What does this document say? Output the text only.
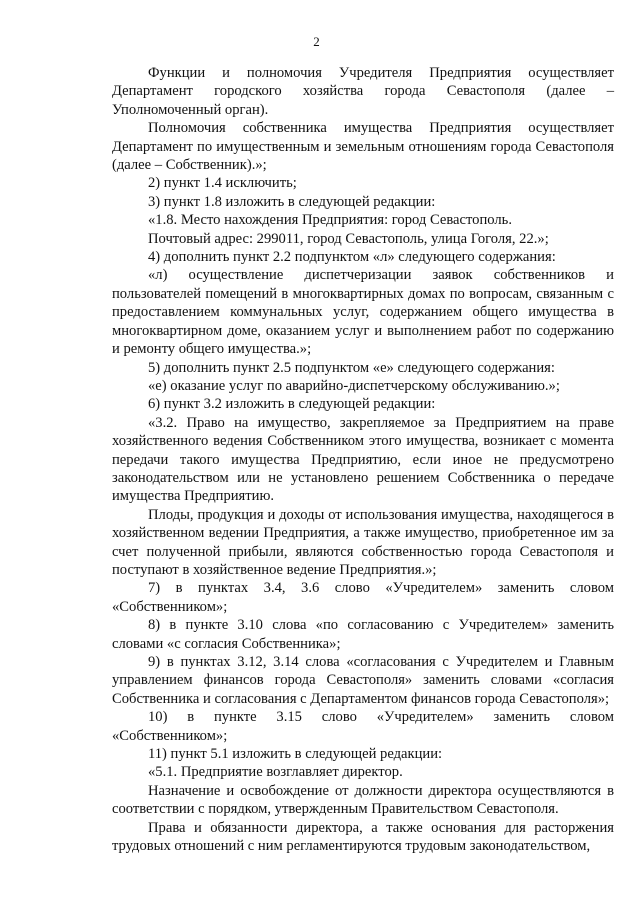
2

Функции и полномочия Учредителя Предприятия осуществляет Департамент городского хозяйства города Севастополя (далее – Уполномоченный орган).

Полномочия собственника имущества Предприятия осуществляет Департамент по имущественным и земельным отношениям города Севастополя (далее – Собственник).»;

2) пункт 1.4 исключить;

3) пункт 1.8 изложить в следующей редакции:

«1.8. Место нахождения Предприятия: город Севастополь.

Почтовый адрес: 299011, город Севастополь, улица Гоголя, 22.»;

4) дополнить пункт 2.2 подпунктом «л» следующего содержания:

«л) осуществление диспетчеризации заявок собственников и пользователей помещений в многоквартирных домах по вопросам, связанным с предоставлением коммунальных услуг, содержанием общего имущества в многоквартирном доме, оказанием услуг и выполнением работ по содержанию и ремонту общего имущества.»;

5) дополнить пункт 2.5 подпунктом «е» следующего содержания:

«е) оказание услуг по аварийно-диспетчерскому обслуживанию.»;

6) пункт 3.2 изложить в следующей редакции:

«3.2. Право на имущество, закрепляемое за Предприятием на праве хозяйственного ведения Собственником этого имущества, возникает с момента передачи такого имущества Предприятию, если иное не предусмотрено законодательством или не установлено решением Собственника о передаче имущества Предприятию.

Плоды, продукция и доходы от использования имущества, находящегося в хозяйственном ведении Предприятия, а также имущество, приобретенное им за счет полученной прибыли, являются собственностью города Севастополя и поступают в хозяйственное ведение Предприятия.»;

7) в пунктах 3.4, 3.6 слово «Учредителем» заменить словом «Собственником»;

8) в пункте 3.10 слова «по согласованию с Учредителем» заменить словами «с согласия Собственника»;

9) в пунктах 3.12, 3.14 слова «согласования с Учредителем и Главным управлением финансов города Севастополя» заменить словами «согласия Собственника и согласования с Департаментом финансов города Севастополя»;

10) в пункте 3.15 слово «Учредителем» заменить словом «Собственником»;

11) пункт 5.1 изложить в следующей редакции:

«5.1. Предприятие возглавляет директор.

Назначение и освобождение от должности директора осуществляются в соответствии с порядком, утвержденным Правительством Севастополя.

Права и обязанности директора, а также основания для расторжения трудовых отношений с ним регламентируются трудовым законодательством,
